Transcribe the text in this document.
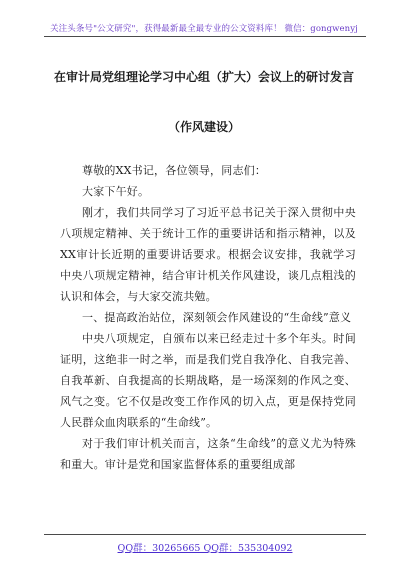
关注头条号"公文研究"，获得最新最全最专业的公文资料库！ 微信：gongwenyj
在审计局党组理论学习中心组（扩大）会议上的研讨发言
（作风建设）

尊敬的XX书记，各位领导，同志们：

大家下午好。

刚才，我们共同学习了习近平总书记关于深入贯彻中央八项规定精神、关于统计工作的重要讲话和指示精神，以及XX审计长近期的重要讲话要求。根据会议安排，我就学习中央八项规定精神，结合审计机关作风建设，谈几点粗浅的认识和体会，与大家交流共勉。

一、提高政治站位，深刻领会作风建设的“生命线”意义

中央八项规定，自颁布以来已经走过十多个年头。时间证明，这绝非一时之举，而是我们党自我净化、自我完善、自我革新、自我提高的长期战略，是一场深刻的作风之变、风气之变。它不仅是改变工作作风的切入点，更是保持党同人民群众血肉联系的“生命线”。

对于我们审计机关而言，这条“生命线”的意义尤为特殊和重大。审计是党和国家监督体系的重要组成部

QQ群：30265665 QQ群：535304092
